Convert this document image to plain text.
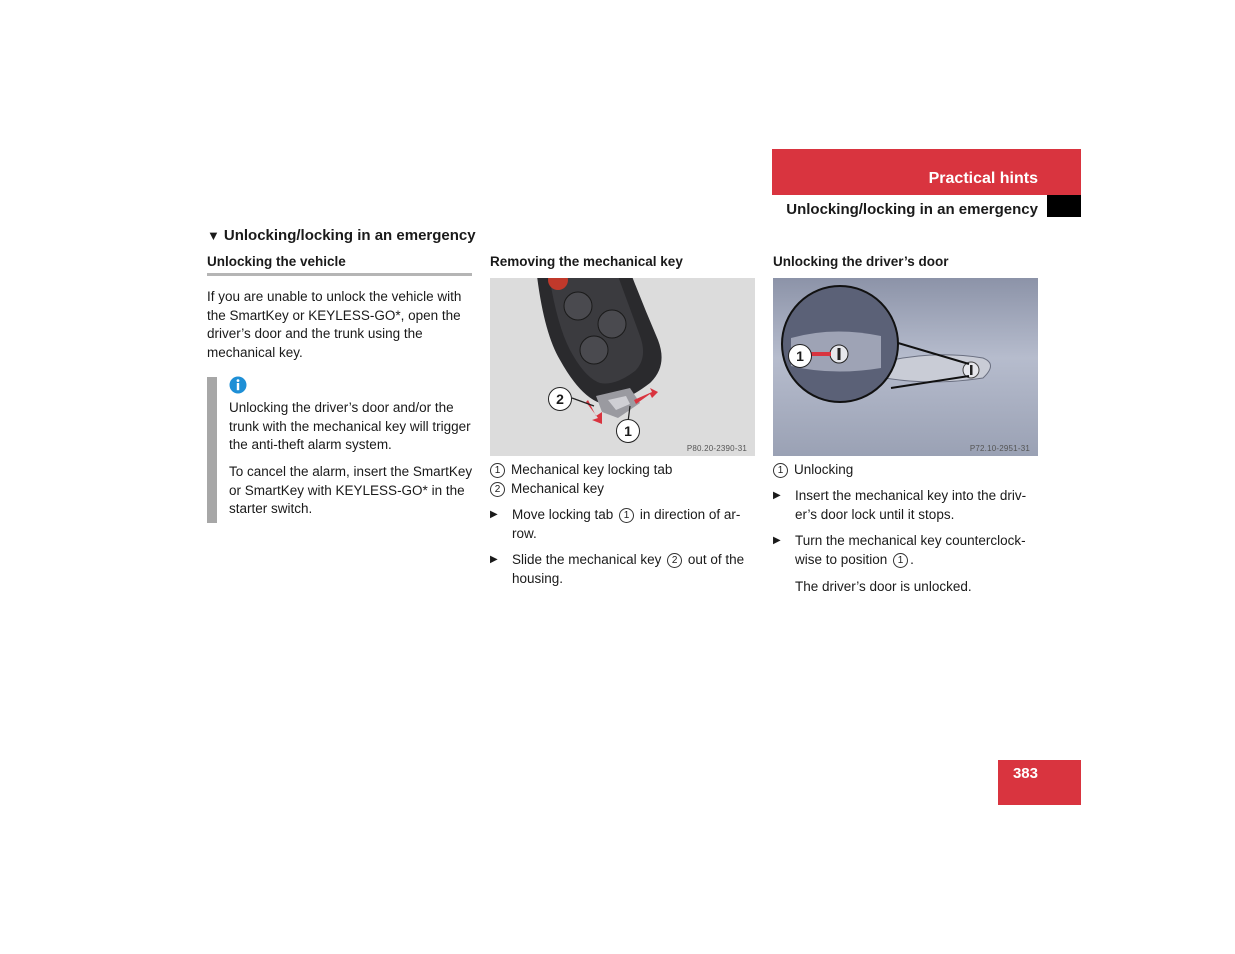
Practical hints
Unlocking/locking in an emergency
▼ Unlocking/locking in an emergency
Unlocking the vehicle
If you are unable to unlock the vehicle with the SmartKey or KEYLESS-GO*, open the driver’s door and the trunk using the mechanical key.
Unlocking the driver’s door and/or the trunk with the mechanical key will trigger the anti-theft alarm system.
To cancel the alarm, insert the SmartKey or SmartKey with KEYLESS-GO* in the starter switch.
Removing the mechanical key
2
1
P80.20-2390-31
1 Mechanical key locking tab
2 Mechanical key
▶ Move locking tab 1 in direction of ar-row.
▶ Slide the mechanical key 2 out of the housing.
Unlocking the driver’s door
1
P72.10-2951-31
1 Unlocking
▶ Insert the mechanical key into the driv-er’s door lock until it stops.
▶ Turn the mechanical key counterclock-wise to position 1 .
The driver’s door is unlocked.
383
